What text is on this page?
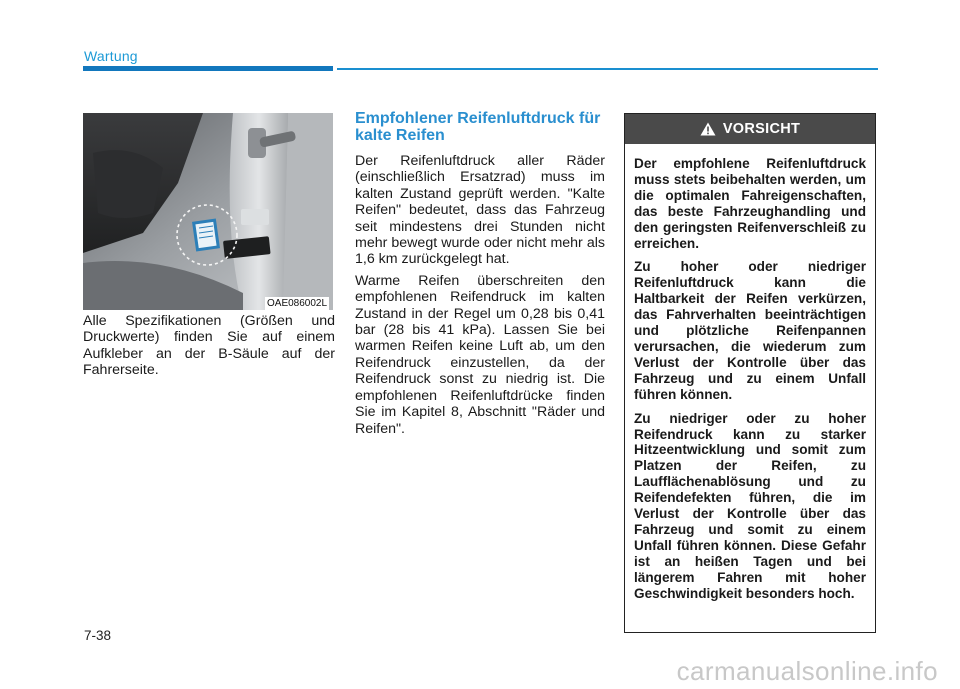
Wartung
OAE086002L

Alle Spezifikationen (Größen und Druckwerte) finden Sie auf einem Aufkleber an der B-Säule auf der Fahrerseite.

Empfohlener Reifenluftdruck für kalte Reifen

Der Reifenluftdruck aller Räder (einschließlich Ersatzrad) muss im kalten Zustand geprüft werden. "Kalte Reifen" bedeutet, dass das Fahrzeug seit mindestens drei Stunden nicht mehr bewegt wurde oder nicht mehr als 1,6 km zurückgelegt hat.

Warme Reifen überschreiten den empfohlenen Reifendruck im kalten Zustand in der Regel um 0,28 bis 0,41 bar (28 bis 41 kPa). Lassen Sie bei warmen Reifen keine Luft ab, um den Reifendruck einzustellen, da der Reifendruck sonst zu niedrig ist. Die empfohlenen Reifenluftdrücke finden Sie im Kapitel 8, Abschnitt "Räder und Reifen".

VORSICHT

Der empfohlene Reifenluftdruck muss stets beibehalten werden, um die optimalen Fahreigenschaften, das beste Fahrzeughandling und den geringsten Reifenverschleiß zu erreichen.

Zu hoher oder niedriger Reifenluftdruck kann die Haltbarkeit der Reifen verkürzen, das Fahrverhalten beeinträchtigen und plötzliche Reifenpannen verursachen, die wiederum zum Verlust der Kontrolle über das Fahrzeug und zu einem Unfall führen können.

Zu niedriger oder zu hoher Reifendruck kann zu starker Hitzeentwicklung und somit zum Platzen der Reifen, zu Laufflächenablösung und zu Reifendefekten führen, die im Verlust der Kontrolle über das Fahrzeug und somit zu einem Unfall führen können. Diese Gefahr ist an heißen Tagen und bei längerem Fahren mit hoher Geschwindigkeit besonders hoch.

7-38
carmanualsonline.info
